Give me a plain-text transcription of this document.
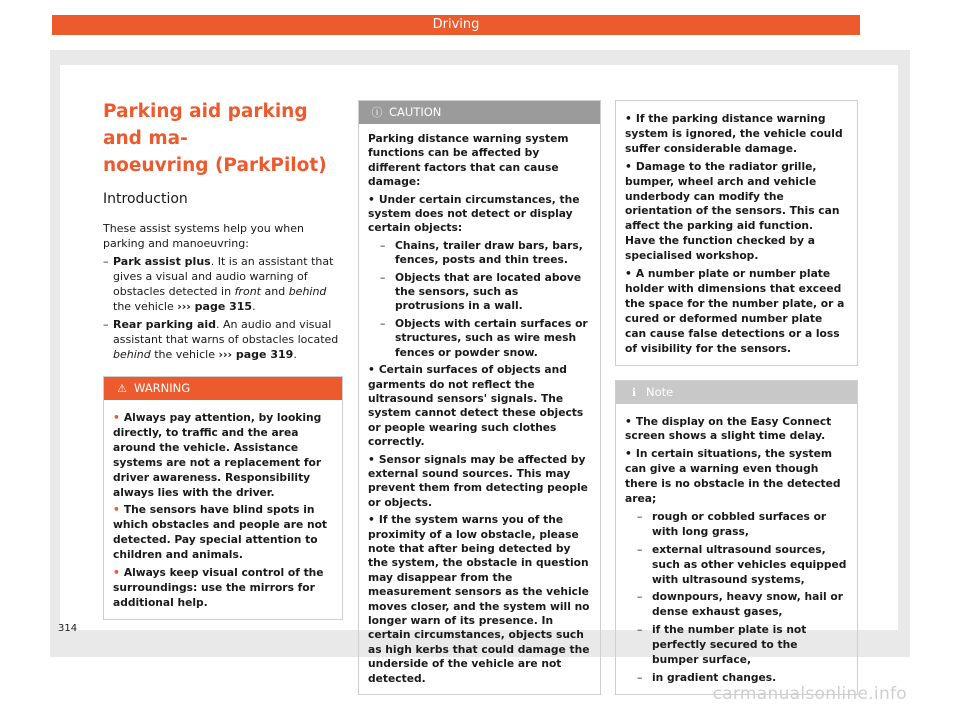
Driving
Parking aid parking and ma-
noeuvring (ParkPilot)
Introduction

These assist systems help you when parking and manoeuvring:

– Park assist plus. It is an assistant that gives a visual and audio warning of obstacles detected in front and behind the vehicle ››› page 315.
– Rear parking aid. An audio and visual assistant that warns of obstacles located behind the vehicle ››› page 319.
⚠ WARNING

• Always pay attention, by looking directly, to traffic and the area around the vehicle. Assistance systems are not a replacement for driver awareness. Responsibility always lies with the driver.

• The sensors have blind spots in which obstacles and people are not detected. Pay special attention to children and animals.

• Always keep visual control of the surroundings: use the mirrors for additional help.

ⓘ CAUTION

Parking distance warning system functions can be affected by different factors that can cause damage:

• Under certain circumstances, the system does not detect or display certain objects:

– Chains, trailer draw bars, bars, fences, posts and thin trees.
– Objects that are located above the sensors, such as protrusions in a wall.
– Objects with certain surfaces or structures, such as wire mesh fences or powder snow.

• Certain surfaces of objects and garments do not reflect the ultrasound sensors' signals. The system cannot detect these objects or people wearing such clothes correctly.

• Sensor signals may be affected by external sound sources. This may prevent them from detecting people or objects.

• If the system warns you of the proximity of a low obstacle, please note that after being detected by the system, the obstacle in question may disappear from the measurement sensors as the vehicle moves closer, and the system will no longer warn of its presence. In certain circumstances, objects such as high kerbs that could damage the underside of the vehicle are not detected.

• If the parking distance warning system is ignored, the vehicle could suffer considerable damage.

• Damage to the radiator grille, bumper, wheel arch and vehicle underbody can modify the orientation of the sensors. This can affect the parking aid function. Have the function checked by a specialised workshop.

• A number plate or number plate holder with dimensions that exceed the space for the number plate, or a cured or deformed number plate can cause false detections or a loss of visibility for the sensors.

ℹ Note

• The display on the Easy Connect screen shows a slight time delay.

• In certain situations, the system can give a warning even though there is no obstacle in the detected area;

– rough or cobbled surfaces or with long grass,
– external ultrasound sources, such as other vehicles equipped with ultrasound systems,
– downpours, heavy snow, hail or dense exhaust gases,
– if the number plate is not perfectly secured to the bumper surface,
– in gradient changes.
314
carmanualsonline.info
